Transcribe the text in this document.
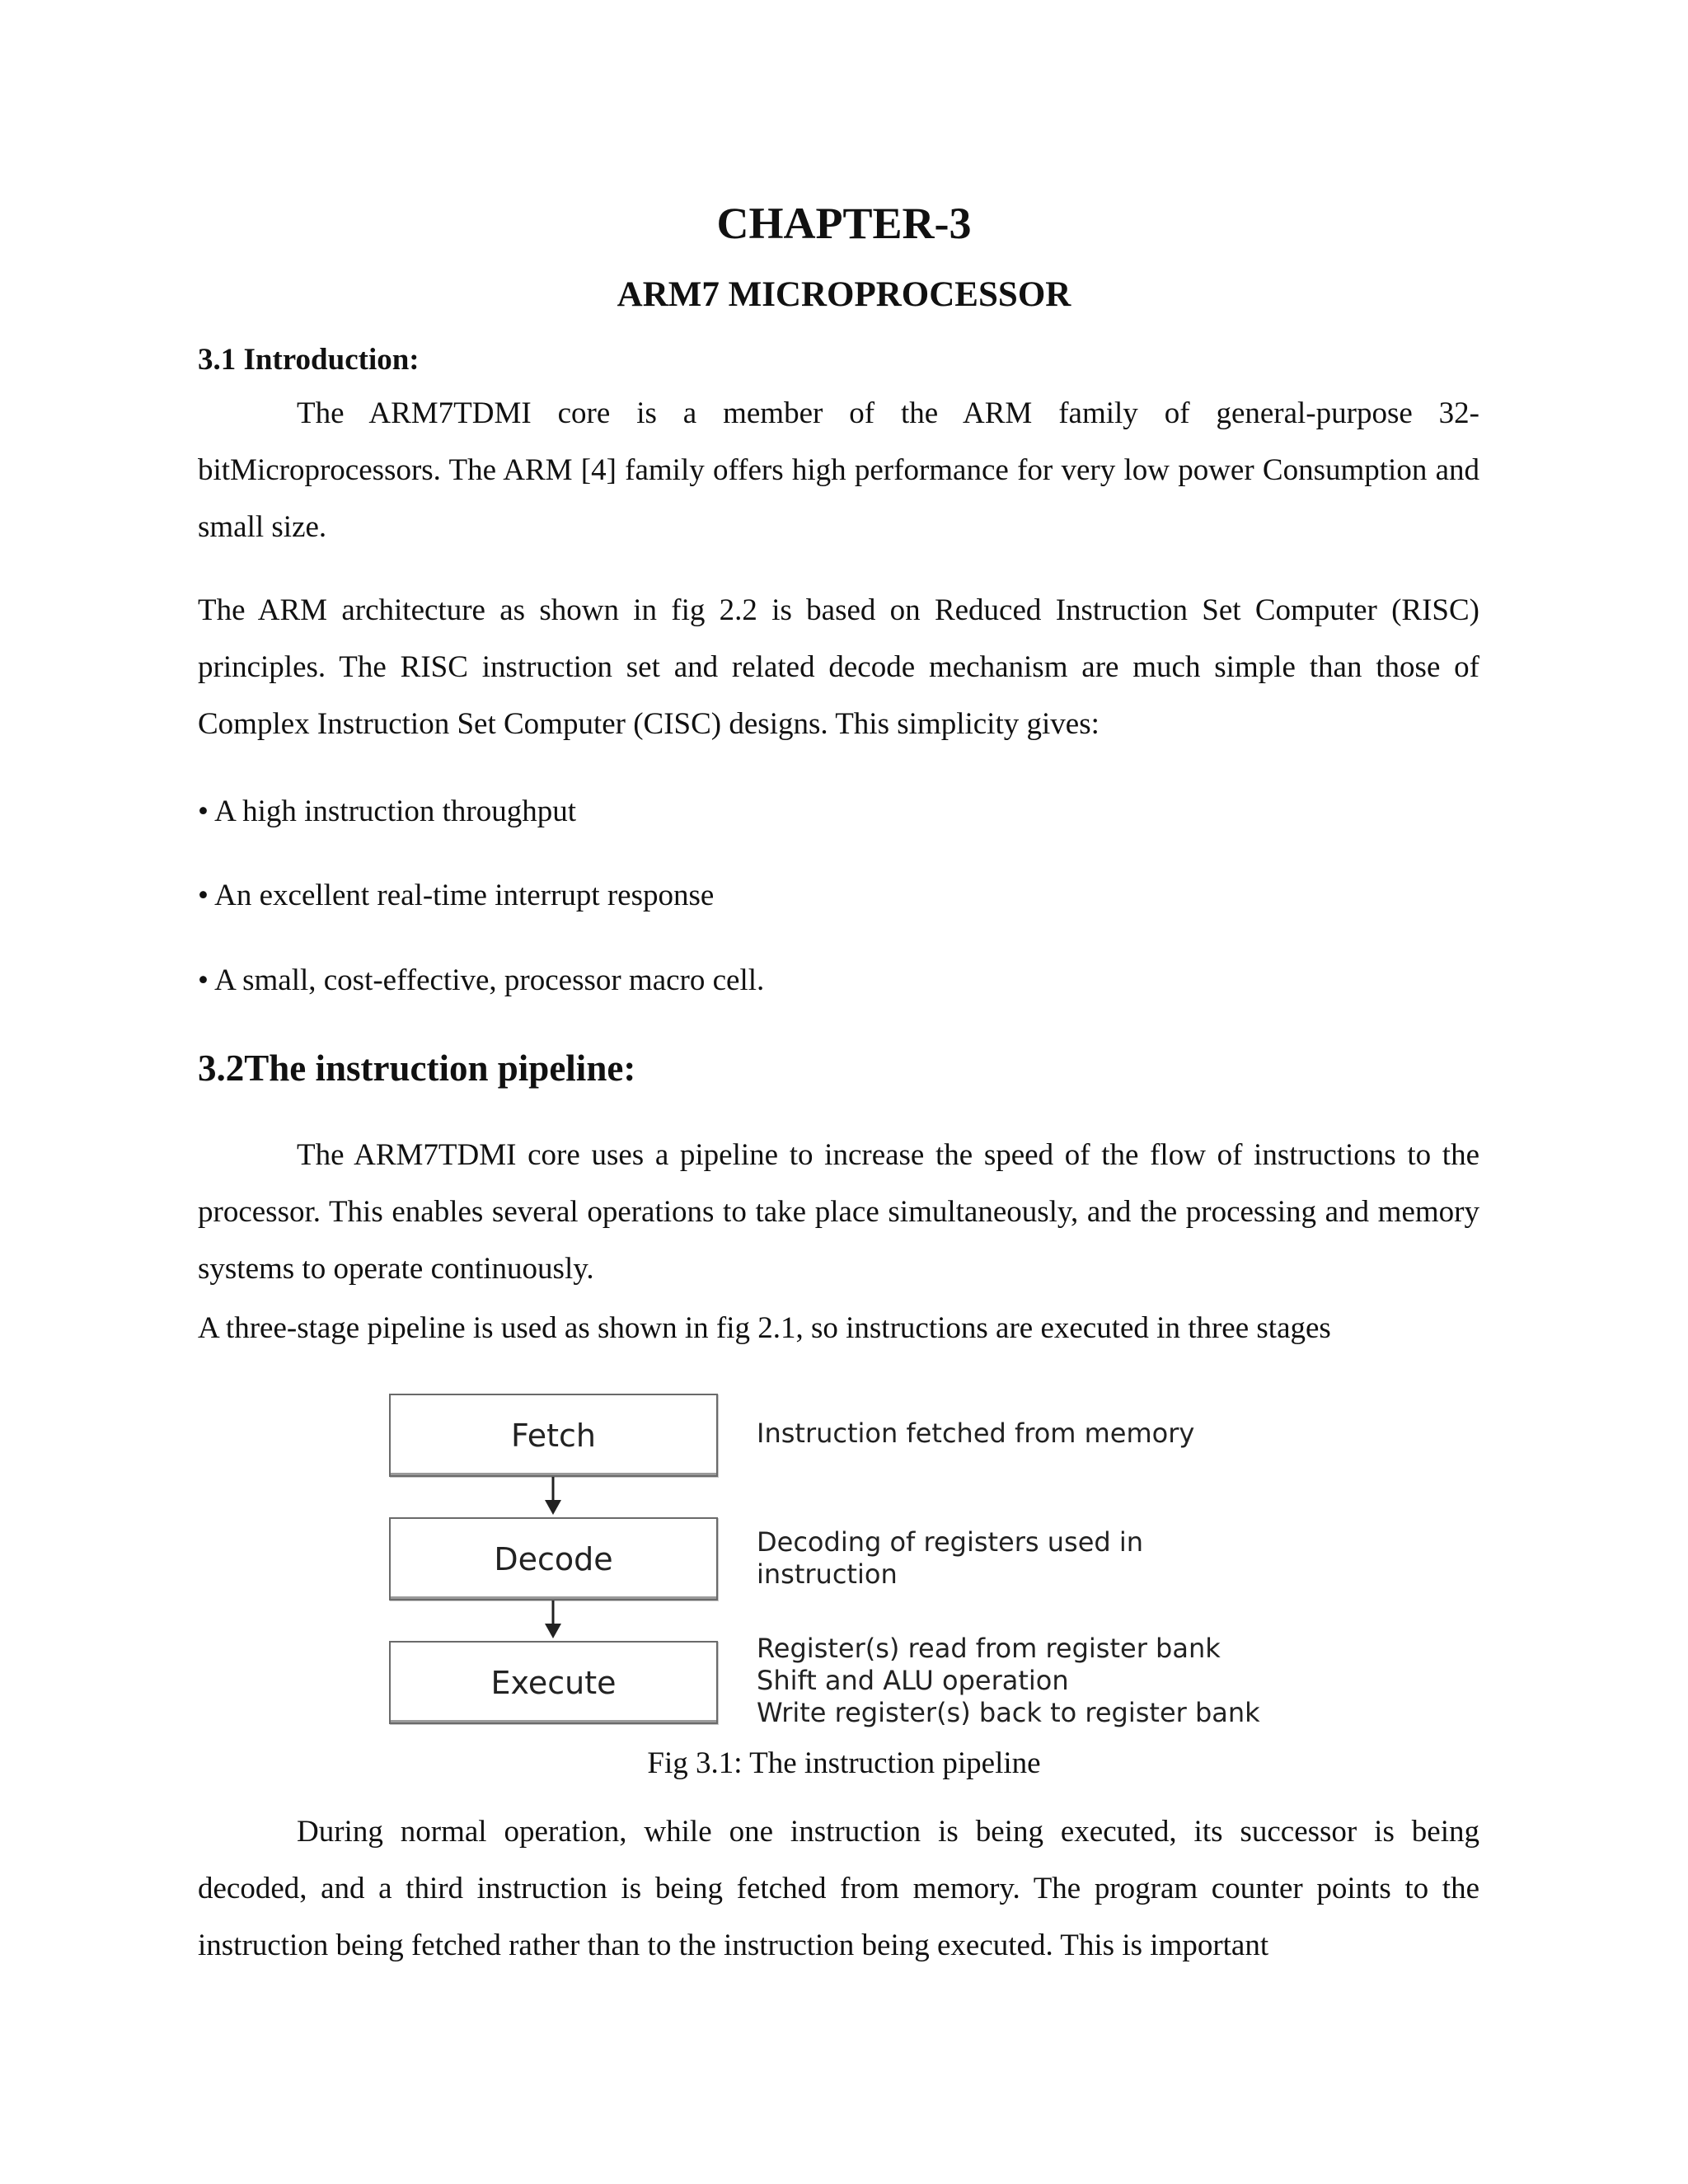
CHAPTER-3
ARM7 MICROPROCESSOR
3.1 Introduction:
The ARM7TDMI core is a member of the ARM family of general-purpose 32-bitMicroprocessors. The ARM [4] family offers high performance for very low power Consumption and small size.
The ARM architecture as shown in fig 2.2 is based on Reduced Instruction Set Computer (RISC) principles. The RISC instruction set and related decode mechanism are much simple than those of Complex Instruction Set Computer (CISC) designs. This simplicity gives:
• A high instruction throughput
• An excellent real-time interrupt response
• A small, cost-effective, processor macro cell.
3.2The instruction pipeline:
The ARM7TDMI core uses a pipeline to increase the speed of the flow of instructions to the processor. This enables several operations to take place simultaneously, and the processing and memory systems to operate continuously.
A three-stage pipeline is used as shown in fig 2.1, so instructions are executed in three stages
Fetch
Decode
Execute
Instruction fetched from memory
Decoding of registers used in
instruction
Register(s) read from register bank
Shift and ALU operation
Write register(s) back to register bank
Fig 3.1: The instruction pipeline
During normal operation, while one instruction is being executed, its successor is being decoded, and a third instruction is being fetched from memory. The program counter points to the instruction being fetched rather than to the instruction being executed. This is important
